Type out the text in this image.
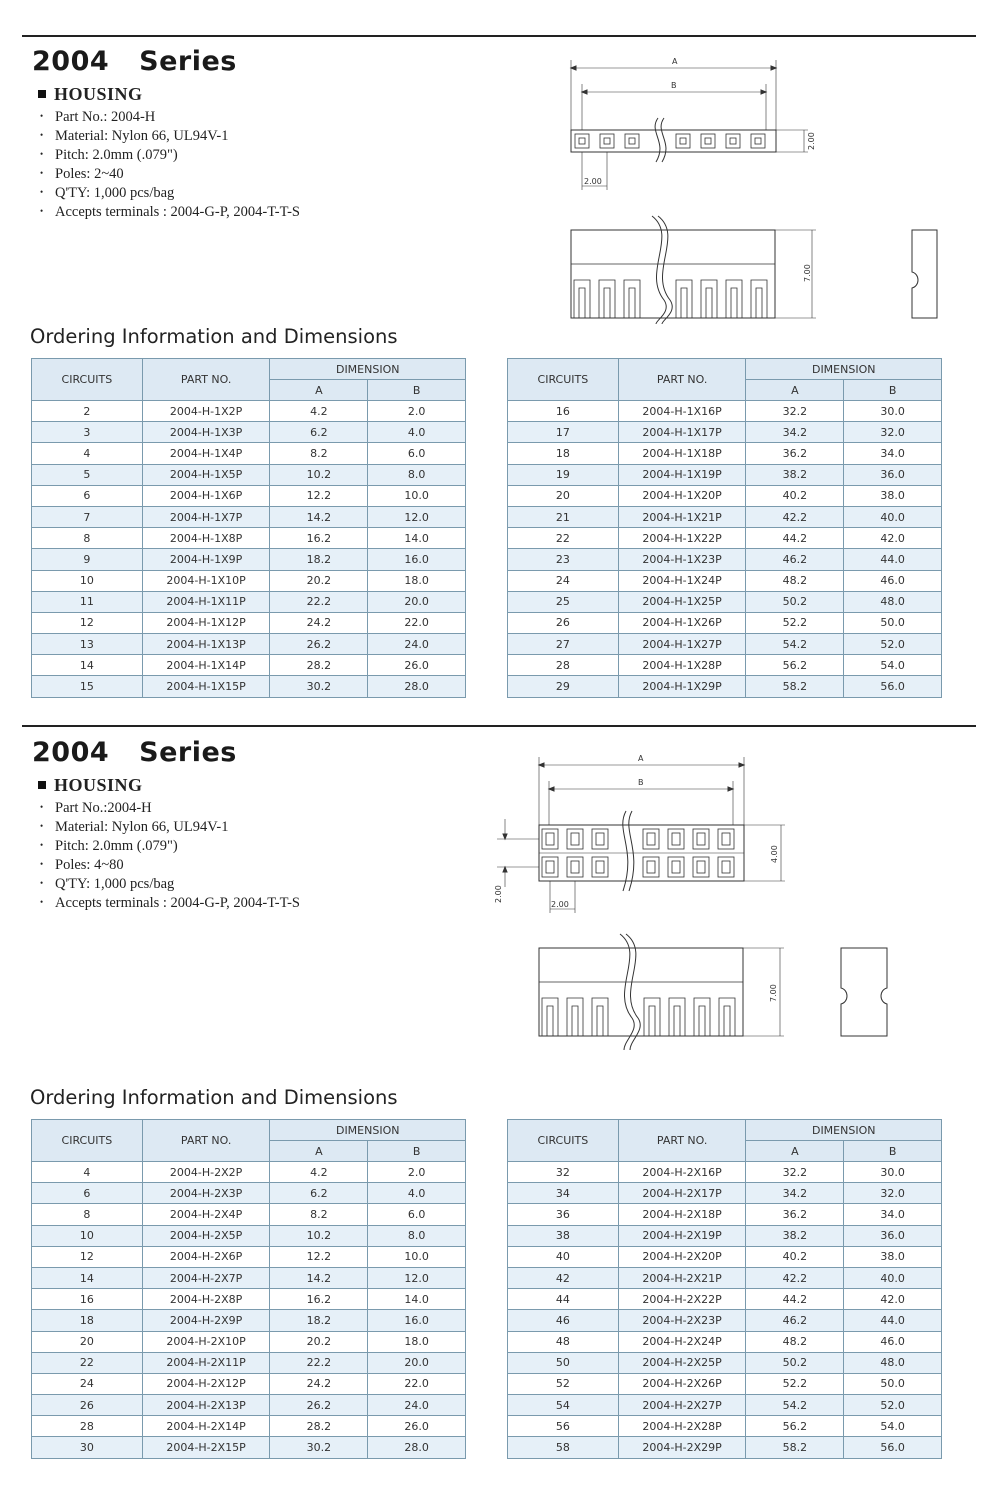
2004 Series
HOUSING
• Part No.: 2004-H
• Material: Nylon 66, UL94V-1
• Pitch: 2.0mm (.079")
• Poles: 2~40
• Q'TY: 1,000 pcs/bag
• Accepts terminals : 2004-G-P, 2004-T-T-S
A
B
2.00
2.00
7.00
Ordering Information and Dimensions
CIRCUITS	PART NO.	DIMENSION	
		A	B
2	2004-H-1X2P	4.2	2.0
3	2004-H-1X3P	6.2	4.0
4	2004-H-1X4P	8.2	6.0
5	2004-H-1X5P	10.2	8.0
6	2004-H-1X6P	12.2	10.0
7	2004-H-1X7P	14.2	12.0
8	2004-H-1X8P	16.2	14.0
9	2004-H-1X9P	18.2	16.0
10	2004-H-1X10P	20.2	18.0
11	2004-H-1X11P	22.2	20.0
12	2004-H-1X12P	24.2	22.0
13	2004-H-1X13P	26.2	24.0
14	2004-H-1X14P	28.2	26.0
15	2004-H-1X15P	30.2	28.0
CIRCUITS	PART NO.	DIMENSION	
		A	B
16	2004-H-1X16P	32.2	30.0
17	2004-H-1X17P	34.2	32.0
18	2004-H-1X18P	36.2	34.0
19	2004-H-1X19P	38.2	36.0
20	2004-H-1X20P	40.2	38.0
21	2004-H-1X21P	42.2	40.0
22	2004-H-1X22P	44.2	42.0
23	2004-H-1X23P	46.2	44.0
24	2004-H-1X24P	48.2	46.0
25	2004-H-1X25P	50.2	48.0
26	2004-H-1X26P	52.2	50.0
27	2004-H-1X27P	54.2	52.0
28	2004-H-1X28P	56.2	54.0
29	2004-H-1X29P	58.2	56.0
2004 Series
HOUSING
• Part No.:2004-H
• Material: Nylon 66, UL94V-1
• Pitch: 2.0mm (.079")
• Poles: 4~80
• Q'TY: 1,000 pcs/bag
• Accepts terminals : 2004-G-P, 2004-T-T-S
A
B
4.00
2.00
2.00
7.00
Ordering Information and Dimensions
CIRCUITS	PART NO.	DIMENSION	
		A	B
4	2004-H-2X2P	4.2	2.0
6	2004-H-2X3P	6.2	4.0
8	2004-H-2X4P	8.2	6.0
10	2004-H-2X5P	10.2	8.0
12	2004-H-2X6P	12.2	10.0
14	2004-H-2X7P	14.2	12.0
16	2004-H-2X8P	16.2	14.0
18	2004-H-2X9P	18.2	16.0
20	2004-H-2X10P	20.2	18.0
22	2004-H-2X11P	22.2	20.0
24	2004-H-2X12P	24.2	22.0
26	2004-H-2X13P	26.2	24.0
28	2004-H-2X14P	28.2	26.0
30	2004-H-2X15P	30.2	28.0
CIRCUITS	PART NO.	DIMENSION	
		A	B
32	2004-H-2X16P	32.2	30.0
34	2004-H-2X17P	34.2	32.0
36	2004-H-2X18P	36.2	34.0
38	2004-H-2X19P	38.2	36.0
40	2004-H-2X20P	40.2	38.0
42	2004-H-2X21P	42.2	40.0
44	2004-H-2X22P	44.2	42.0
46	2004-H-2X23P	46.2	44.0
48	2004-H-2X24P	48.2	46.0
50	2004-H-2X25P	50.2	48.0
52	2004-H-2X26P	52.2	50.0
54	2004-H-2X27P	54.2	52.0
56	2004-H-2X28P	56.2	54.0
58	2004-H-2X29P	58.2	56.0
